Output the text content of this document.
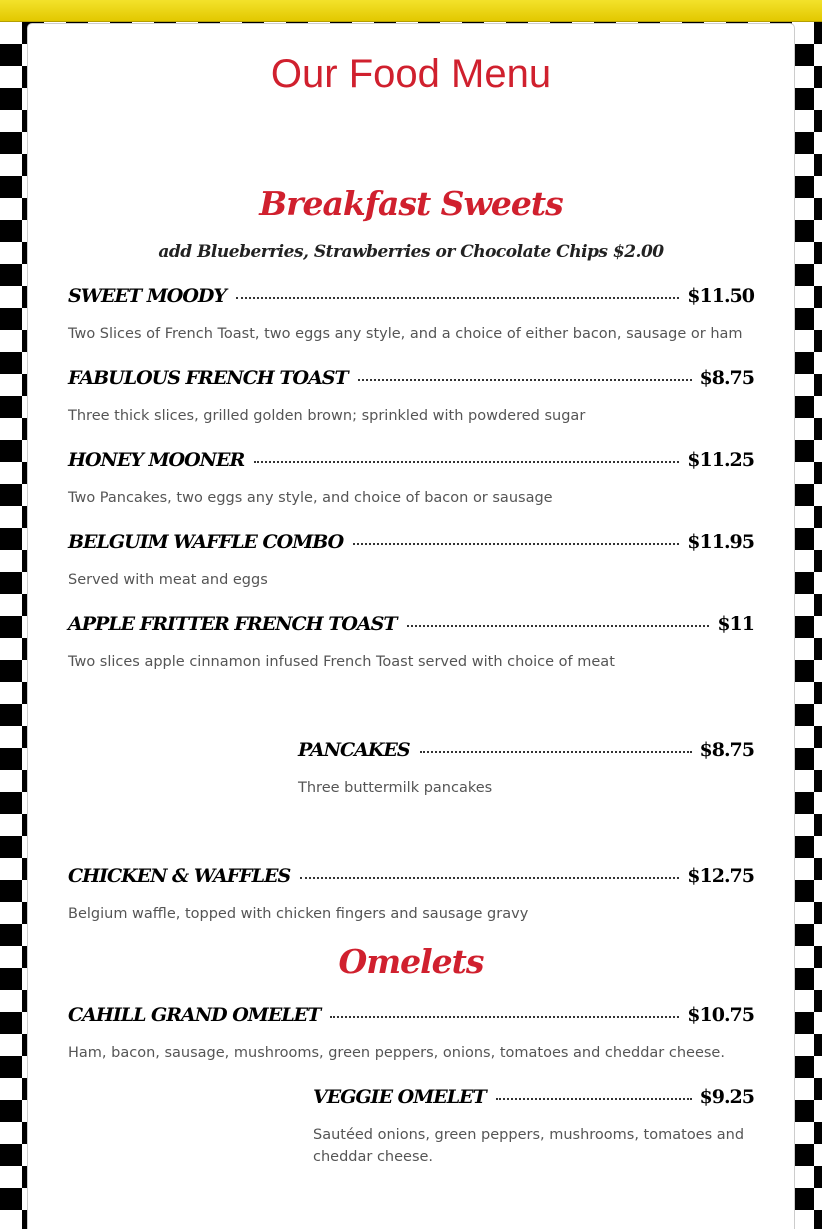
Our Food Menu
Breakfast Sweets
add Blueberries, Strawberries or Chocolate Chips $2.00
SWEET MOODY	$11.50
Two Slices of French Toast, two eggs any style, and a choice of either bacon, sausage or ham
FABULOUS FRENCH TOAST	$8.75
Three thick slices, grilled golden brown; sprinkled with powdered sugar
HONEY MOONER	$11.25
Two Pancakes, two eggs any style, and choice of bacon or sausage
BELGUIM WAFFLE COMBO	$11.95
Served with meat and eggs
APPLE FRITTER FRENCH TOAST	$11
Two slices apple cinnamon infused French Toast served with choice of meat
PANCAKES	$8.75
Three buttermilk pancakes
CHICKEN & WAFFLES	$12.75
Belgium waffle, topped with chicken fingers and sausage gravy
Omelets
CAHILL GRAND OMELET	$10.75
Ham, bacon, sausage, mushrooms, green peppers, onions, tomatoes and cheddar cheese.
VEGGIE OMELET	$9.25
Sautéed onions, green peppers, mushrooms, tomatoes and cheddar cheese.
